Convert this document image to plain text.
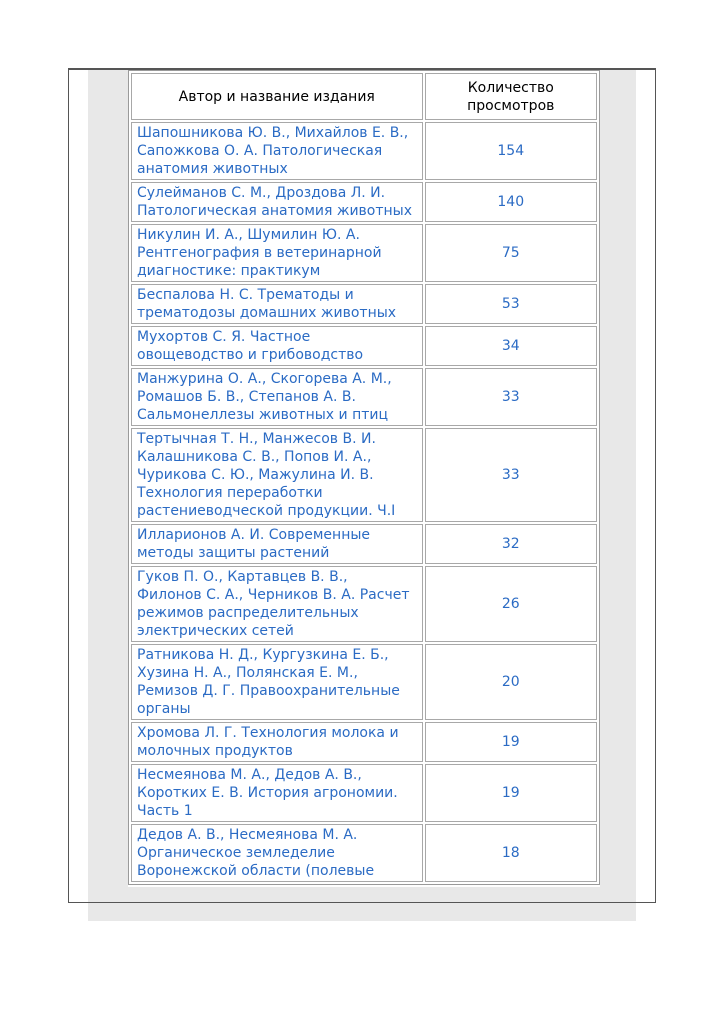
Автор и название издания	Количество просмотров
Шапошникова Ю. В., Михайлов Е. В., Сапожкова О. А. Патологическая анатомия животных	154
Сулейманов С. М., Дроздова Л. И. Патологическая анатомия животных	140
Никулин И. А., Шумилин Ю. А. Рентгенография в ветеринарной диагностике: практикум	75
Беспалова Н. С. Трематоды и трематодозы домашних животных	53
Мухортов С. Я. Частное овощеводство и грибоводство	34
Манжурина О. А., Скогорева А. М., Ромашов Б. В., Степанов А. В. Сальмонеллезы животных и птиц	33
Тертычная Т. Н., Манжесов В. И. Калашникова С. В., Попов И. А., Чурикова С. Ю., Мажулина И. В. Технология переработки растениеводческой продукции. Ч.I	33
Илларионов А. И. Современные методы защиты растений	32
Гуков П. О., Картавцев В. В., Филонов С. А., Черников В. А. Расчет режимов распределительных электрических сетей	26
Ратникова Н. Д., Кургузкина Е. Б., Хузина Н. А., Полянская Е. М., Ремизов Д. Г. Правоохранительные органы	20
Хромова Л. Г. Технология молока и молочных продуктов	19
Несмеянова М. А., Дедов А. В., Коротких Е. В. История агрономии. Часть 1	19
Дедов А. В., Несмеянова М. А. Органическое земледелие Воронежской области (полевые	18
